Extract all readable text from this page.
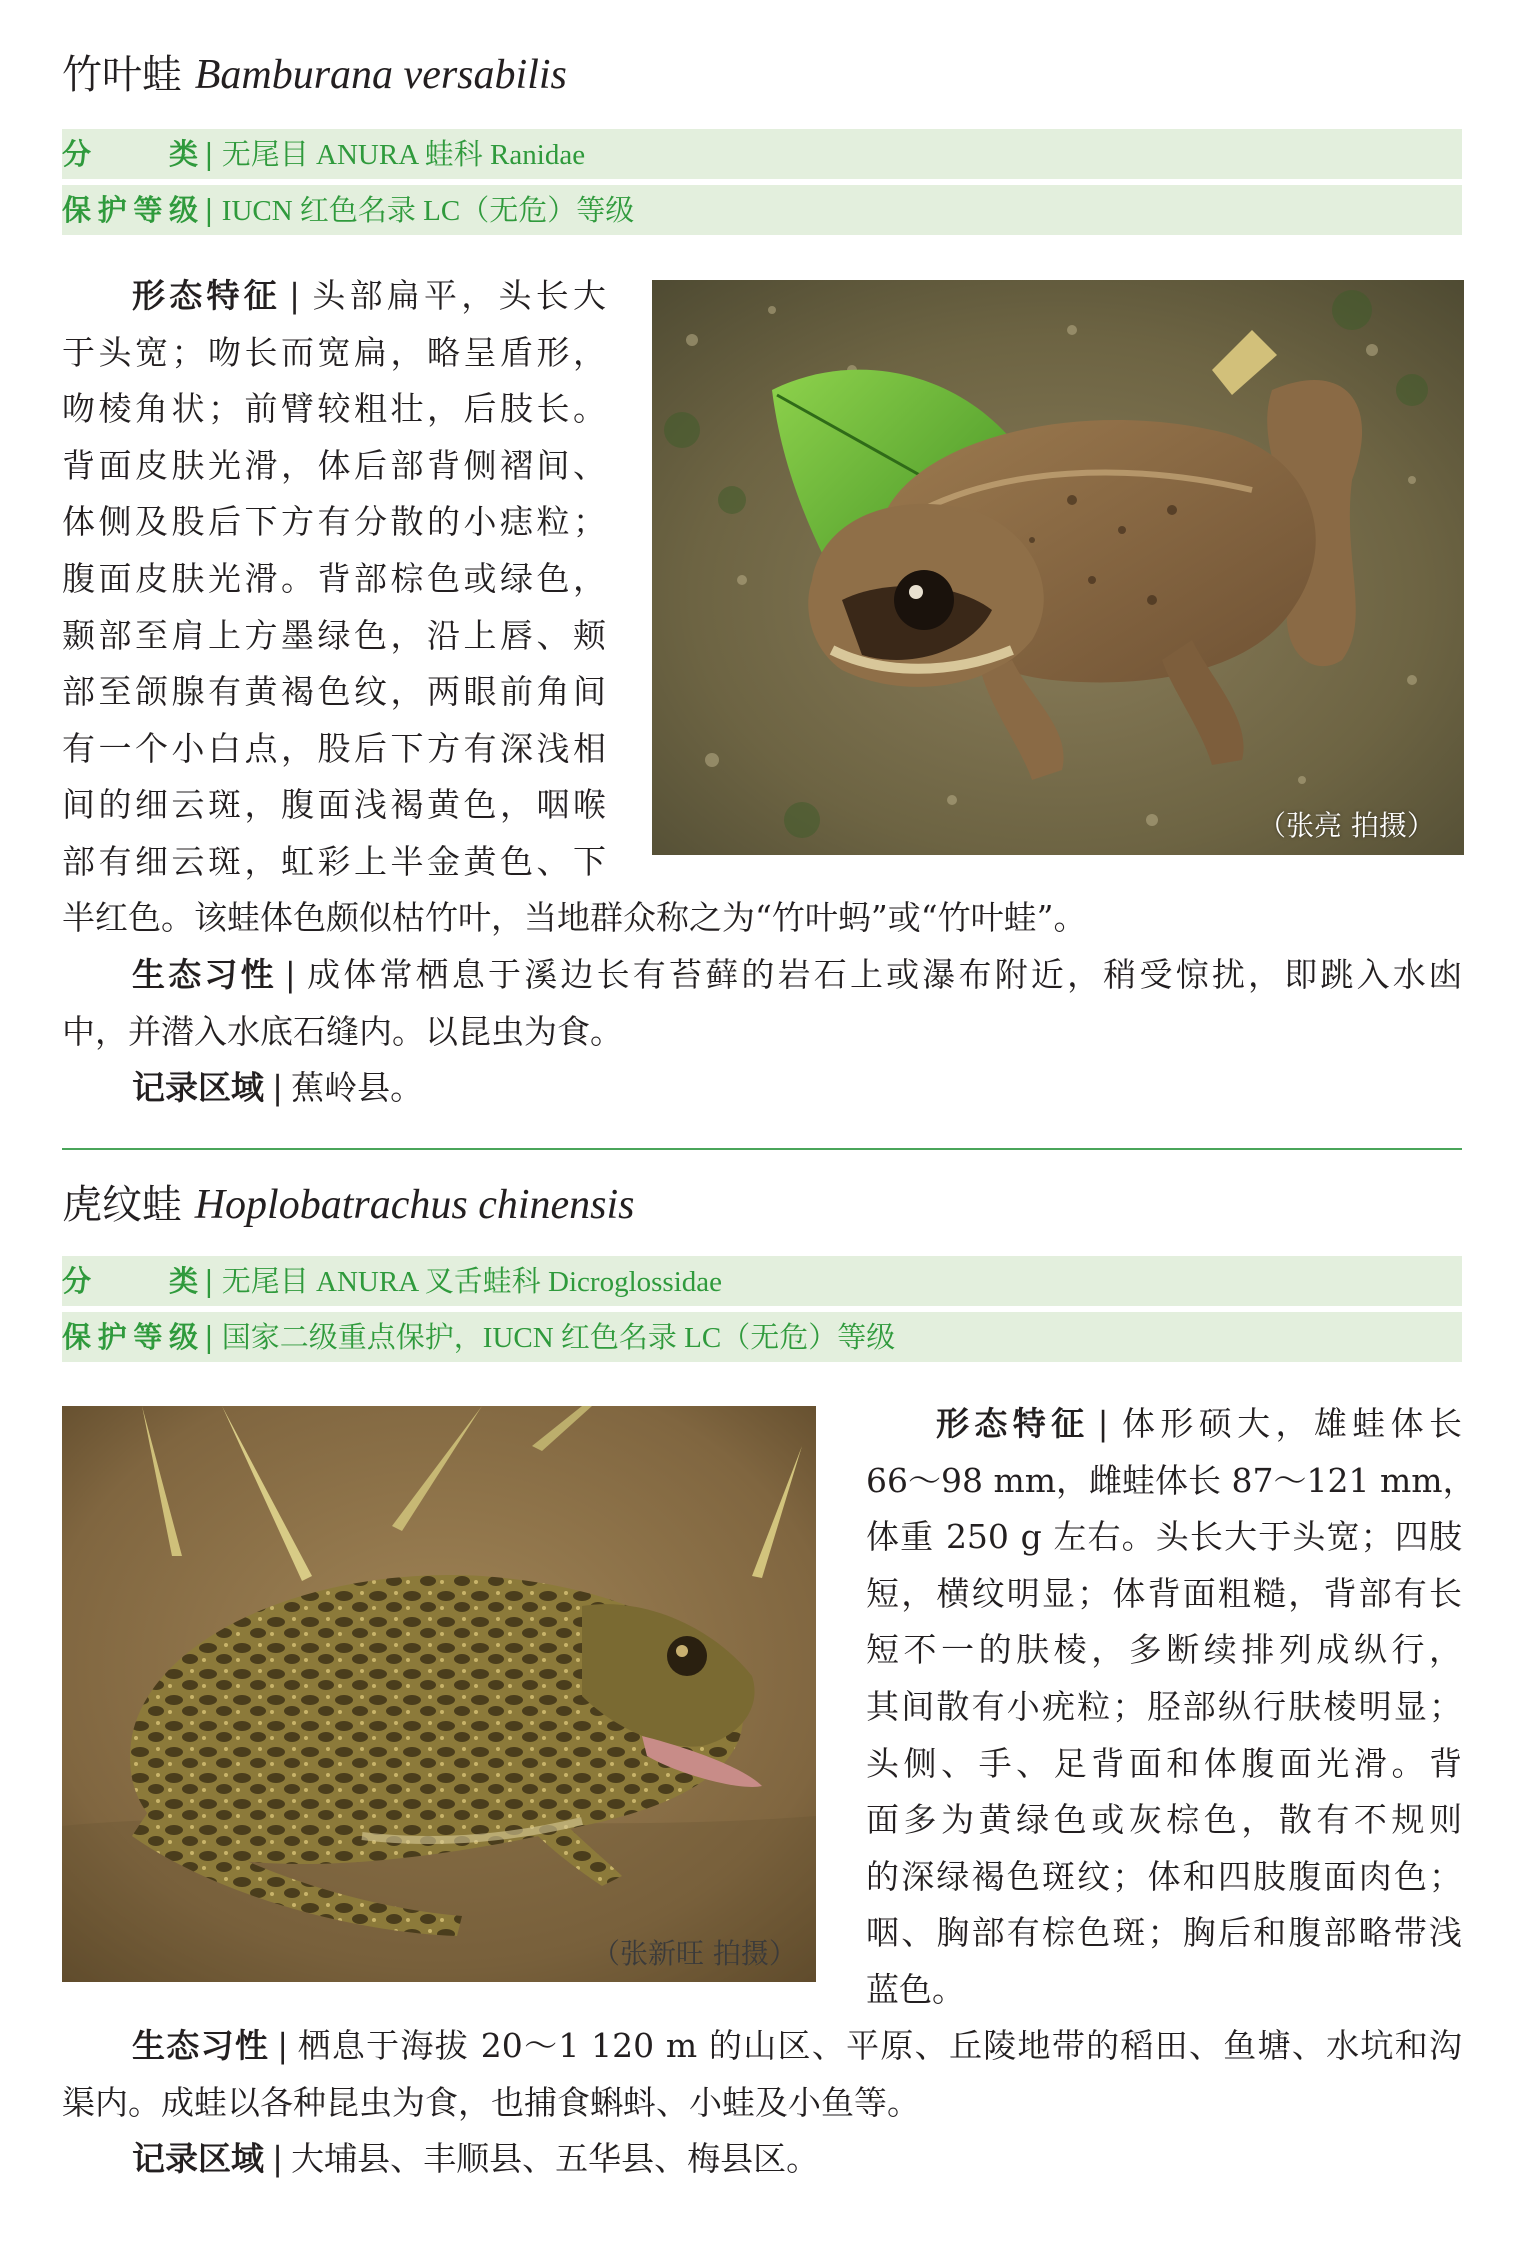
竹叶蛙 Bamburana versabilis
分　类 | 无尾目 ANURA 蛙科 Ranidae
保护等级 | IUCN 红色名录 LC（无危）等级
形态特征 | 头部扁平，头长大
于头宽；吻长而宽扁，略呈盾形，
吻棱角状；前臂较粗壮，后肢长。
背面皮肤光滑，体后部背侧褶间、
体侧及股后下方有分散的小痣粒；
腹面皮肤光滑。背部棕色或绿色，
颞部至肩上方墨绿色，沿上唇、颊
部至颌腺有黄褐色纹，两眼前角间
有一个小白点，股后下方有深浅相
间的细云斑，腹面浅褐黄色，咽喉
部有细云斑，虹彩上半金黄色、下
半红色。该蛙体色颇似枯竹叶，当地群众称之为“竹叶蚂”或“竹叶蛙”。
生态习性 | 成体常栖息于溪边长有苔藓的岩石上或瀑布附近，稍受惊扰，即跳入水凼
中，并潜入水底石缝内。以昆虫为食。
记录区域 | 蕉岭县。
（张亮 拍摄）
虎纹蛙 Hoplobatrachus chinensis
分　类 | 无尾目 ANURA 叉舌蛙科 Dicroglossidae
保护等级 | 国家二级重点保护，IUCN 红色名录 LC（无危）等级
（张新旺 拍摄）
形态特征 | 体形硕大，雄蛙体长
66～98 mm，雌蛙体长 87～121 mm，
体重 250 g 左右。头长大于头宽；四肢
短，横纹明显；体背面粗糙，背部有长
短不一的肤棱，多断续排列成纵行，
其间散有小疣粒；胫部纵行肤棱明显；
头侧、手、足背面和体腹面光滑。背
面多为黄绿色或灰棕色，散有不规则
的深绿褐色斑纹；体和四肢腹面肉色；
咽、胸部有棕色斑；胸后和腹部略带浅
蓝色。
生态习性 | 栖息于海拔 20～1 120 m 的山区、平原、丘陵地带的稻田、鱼塘、水坑和沟
渠内。成蛙以各种昆虫为食，也捕食蝌蚪、小蛙及小鱼等。
记录区域 | 大埔县、丰顺县、五华县、梅县区。
